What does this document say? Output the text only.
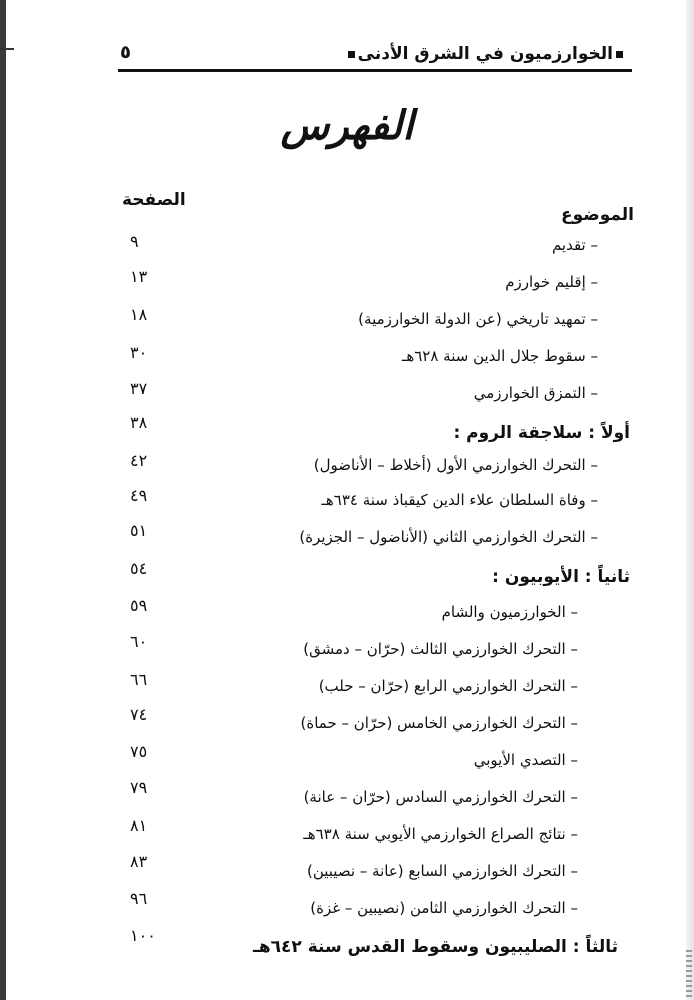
الخوارزميون في الشرق الأدنى
٥
الفهرس
الصفحة
الموضوع
– تقديم
٩
– إقليم خوارزم
١٣
– تمهيد تاريخي (عن الدولة الخوارزمية)
١٨
– سقوط جلال الدين سنة ٦٢٨هـ
٣٠
– التمزق الخوارزمي
٣٧
أولاً : سلاجقة الروم :
٣٨
– التحرك الخوارزمي الأول (أخلاط – الأناضول)
٤٢
– وفاة السلطان علاء الدين كيقباذ سنة ٦٣٤هـ
٤٩
– التحرك الخوارزمي الثاني (الأناضول – الجزيرة)
٥١
ثانياً : الأيوبيون :
٥٤
– الخوارزميون والشام
٥٩
– التحرك الخوارزمي الثالث (حرّان – دمشق)
٦٠
– التحرك الخوارزمي الرابع (حرّان – حلب)
٦٦
– التحرك الخوارزمي الخامس (حرّان – حماة)
٧٤
– التصدي الأيوبي
٧٥
– التحرك الخوارزمي السادس (حرّان – عانة)
٧٩
– نتائج الصراع الخوارزمي الأيوبي سنة ٦٣٨هـ
٨١
– التحرك الخوارزمي السابع (عانة – نصيبين)
٨٣
– التحرك الخوارزمي الثامن (نصيبين – غزة)
٩٦
ثالثاً : الصليبيون وسقوط القدس سنة ٦٤٢هـ
١٠٠
